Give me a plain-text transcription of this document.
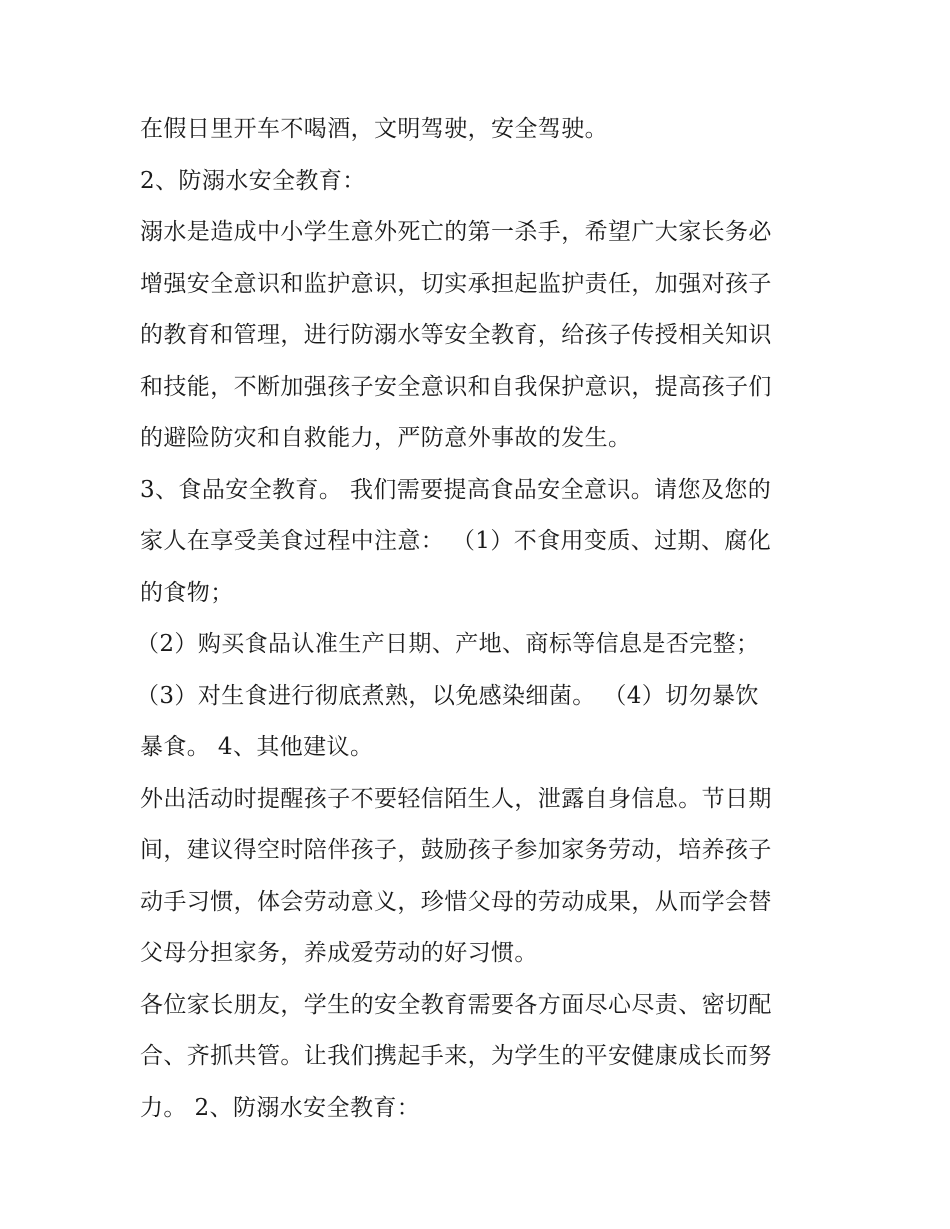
在假日里开车不喝酒，文明驾驶，安全驾驶。
2、防溺水安全教育：
溺水是造成中小学生意外死亡的第一杀手，希望广大家长务必
增强安全意识和监护意识，切实承担起监护责任，加强对孩子
的教育和管理，进行防溺水等安全教育，给孩子传授相关知识
和技能，不断加强孩子安全意识和自我保护意识，提高孩子们
的避险防灾和自救能力，严防意外事故的发生。
3、食品安全教育。 我们需要提高食品安全意识。请您及您的
家人在享受美食过程中注意： （1）不食用变质、过期、腐化
的食物；
（2）购买食品认准生产日期、产地、商标等信息是否完整；
（3）对生食进行彻底煮熟，以免感染细菌。 （4）切勿暴饮
暴食。 4、其他建议。
外出活动时提醒孩子不要轻信陌生人，泄露自身信息。节日期
间，建议得空时陪伴孩子，鼓励孩子参加家务劳动，培养孩子
动手习惯，体会劳动意义，珍惜父母的劳动成果，从而学会替
父母分担家务，养成爱劳动的好习惯。
各位家长朋友，学生的安全教育需要各方面尽心尽责、密切配
合、齐抓共管。让我们携起手来，为学生的平安健康成长而努
力。 2、防溺水安全教育：
